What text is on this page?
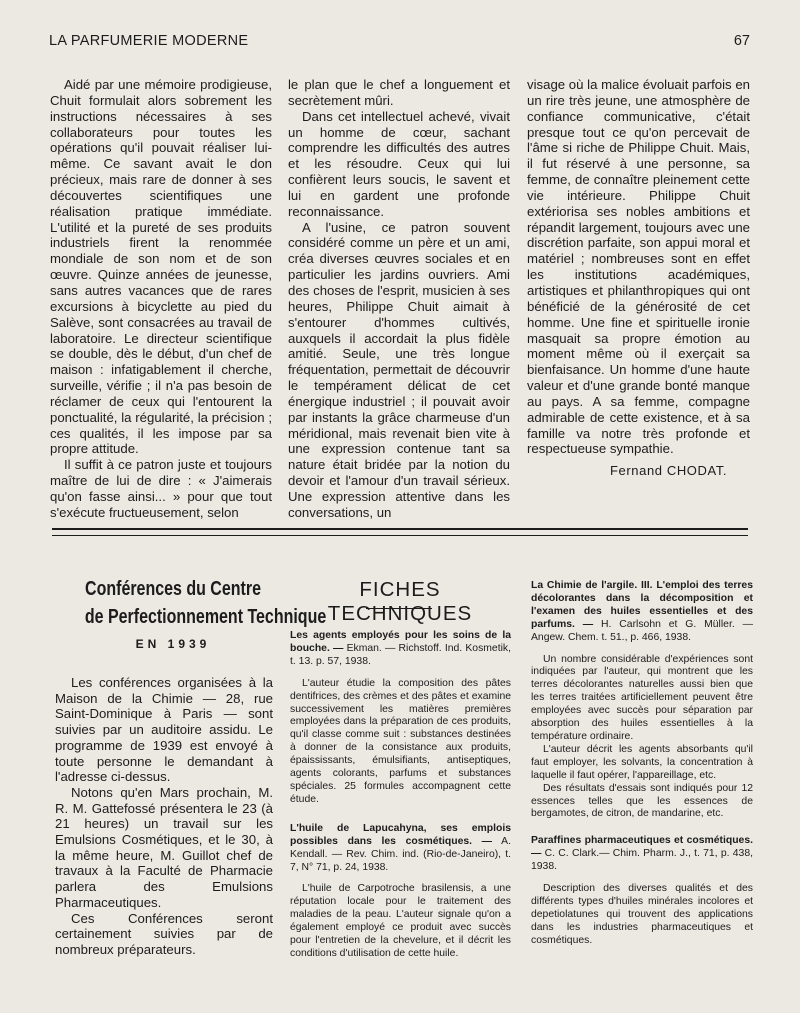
LA PARFUMERIE MODERNE	67

Aidé par une mémoire prodigieuse, Chuit formulait alors sobrement les instructions nécessaires à ses collaborateurs pour toutes les opérations qu'il pouvait réaliser lui-même. Ce savant avait le don précieux, mais rare de donner à ses découvertes scientifiques une réalisation pratique immédiate. L'utilité et la pureté de ses produits industriels firent la renommée mondiale de son nom et de son œuvre. Quinze années de jeunesse, sans autres vacances que de rares excursions à bicyclette au pied du Salève, sont consacrées au travail de laboratoire. Le directeur scientifique se double, dès le début, d'un chef de maison : infatigablement il cherche, surveille, vérifie ; il n'a pas besoin de réclamer de ceux qui l'entourent la ponctualité, la régularité, la précision ; ces qualités, il les impose par sa propre attitude.

Il suffit à ce patron juste et toujours maître de lui de dire : « J'aimerais qu'on fasse ainsi... » pour que tout s'exécute fructueusement, selon

le plan que le chef a longuement et secrètement mûri.

Dans cet intellectuel achevé, vivait un homme de cœur, sachant comprendre les difficultés des autres et les résoudre. Ceux qui lui confièrent leurs soucis, le savent et lui en gardent une profonde reconnaissance.

A l'usine, ce patron souvent considéré comme un père et un ami, créa diverses œuvres sociales et en particulier les jardins ouvriers. Ami des choses de l'esprit, musicien à ses heures, Philippe Chuit aimait à s'entourer d'hommes cultivés, auxquels il accordait la plus fidèle amitié. Seule, une très longue fréquentation, permettait de découvrir le tempérament délicat de cet énergique industriel ; il pouvait avoir par instants la grâce charmeuse d'un méridional, mais revenait bien vite à une expression contenue tant sa nature était bridée par la notion du devoir et l'amour d'un travail sérieux. Une expression attentive dans les conversations, un

visage où la malice évoluait parfois en un rire très jeune, une atmosphère de confiance communicative, c'était presque tout ce qu'on percevait de l'âme si riche de Philippe Chuit. Mais, il fut réservé à une personne, sa femme, de connaître pleinement cette vie intérieure. Philippe Chuit extériorisa ses nobles ambitions et répandit largement, toujours avec une discrétion parfaite, son appui moral et matériel ; nombreuses sont en effet les institutions académiques, artistiques et philanthropiques qui ont bénéficié de la générosité de cet homme. Une fine et spirituelle ironie masquait sa propre émotion au moment même où il exerçait sa bienfaisance. Un homme d'une haute valeur et d'une grande bonté manque au pays. A sa femme, compagne admirable de cette existence, et à sa famille va notre très profonde et respectueuse sympathie.

Fernand CHODAT.
Conférences du Centre
de Perfectionnement Technique
EN 1939

Les conférences organisées à la Maison de la Chimie — 28, rue Saint-Dominique à Paris — sont suivies par un auditoire assidu. Le programme de 1939 est envoyé à toute personne le demandant à l'adresse ci-dessus.

Notons qu'en Mars prochain, M. R. M. Gattefossé présentera le 23 (à 21 heures) un travail sur les Emulsions Cosmétiques, et le 30, à la même heure, M. Guillot chef de travaux à la Faculté de Pharmacie parlera des Emulsions Pharmaceutiques.

Ces Conférences seront certainement suivies par de nombreux préparateurs.

FICHES TECHNIQUES

Les agents employés pour les soins de la bouche. — Ekman. — Richstoff. Ind. Kosmetik, t. 13. p. 57, 1938.

L'auteur étudie la composition des pâtes dentifrices, des crèmes et des pâtes et examine successivement les matières premières employées dans la préparation de ces produits, qu'il classe comme suit : substances destinées à donner de la consistance aux produits, épaississants, émulsifiants, antiseptiques, agents colorants, parfums et substances spéciales. 25 formules accompagnent cette étude.

L'huile de Lapucahyna, ses emplois possibles dans les cosmétiques. — A. Kendall. — Rev. Chim. ind. (Rio-de-Janeiro), t. 7, N° 71, p. 24, 1938.

L'huile de Carpotroche brasilensis, a une réputation locale pour le traitement des maladies de la peau. L'auteur signale qu'on a également employé ce produit avec succès pour l'entretien de la chevelure, et il décrit les conditions d'utilisation de cette huile.

La Chimie de l'argile. III. L'emploi des terres décolorantes dans la décomposition et l'examen des huiles essentielles et des parfums. — H. Carlsohn et G. Müller. — Angew. Chem. t. 51., p. 466, 1938.

Un nombre considérable d'expériences sont indiquées par l'auteur, qui montrent que les terres décolorantes naturelles aussi bien que les terres traitées artificiellement peuvent être employées avec succès pour séparation par absorption des huiles essentielles à la température ordinaire.

L'auteur décrit les agents absorbants qu'il faut employer, les solvants, la concentration à laquelle il faut opérer, l'appareillage, etc.

Des résultats d'essais sont indiqués pour 12 essences telles que les essences de bergamotes, de citron, de mandarine, etc.

Paraffines pharmaceutiques et cosmétiques.— C. C. Clark.— Chim. Pharm. J., t. 71, p. 438, 1938.

Description des diverses qualités et des différents types d'huiles minérales incolores et depetiolatunes qui trouvent des applications dans les industries pharmaceutiques et cosmétiques.
